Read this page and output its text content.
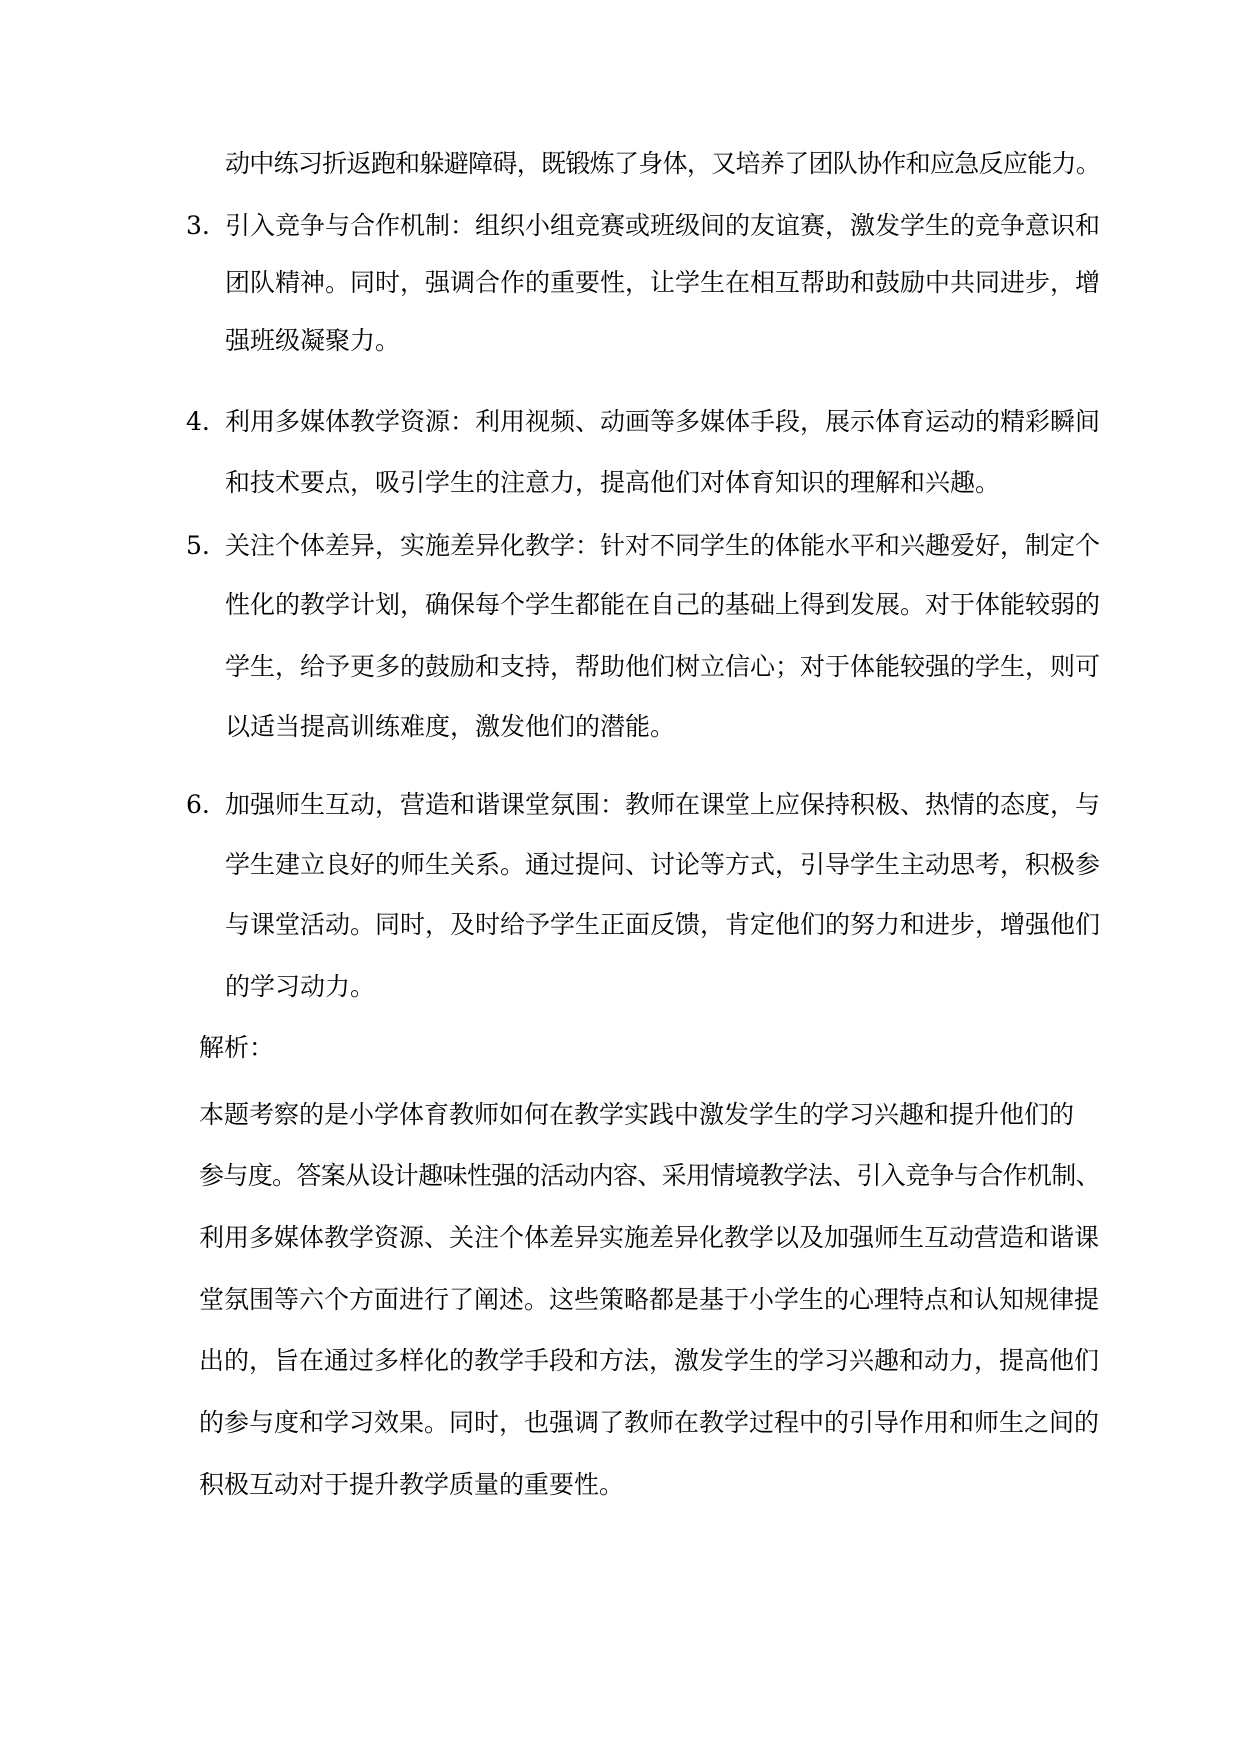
动中练习折返跑和躲避障碍，既锻炼了身体，又培养了团队协作和应急反应能力。
3. 引入竞争与合作机制：组织小组竞赛或班级间的友谊赛，激发学生的竞争意识和
团队精神。同时，强调合作的重要性，让学生在相互帮助和鼓励中共同进步，增
强班级凝聚力。
4. 利用多媒体教学资源：利用视频、动画等多媒体手段，展示体育运动的精彩瞬间
和技术要点，吸引学生的注意力，提高他们对体育知识的理解和兴趣。
5. 关注个体差异，实施差异化教学：针对不同学生的体能水平和兴趣爱好，制定个
性化的教学计划，确保每个学生都能在自己的基础上得到发展。对于体能较弱的
学生，给予更多的鼓励和支持，帮助他们树立信心；对于体能较强的学生，则可
以适当提高训练难度，激发他们的潜能。
6. 加强师生互动，营造和谐课堂氛围：教师在课堂上应保持积极、热情的态度，与
学生建立良好的师生关系。通过提问、讨论等方式，引导学生主动思考，积极参
与课堂活动。同时，及时给予学生正面反馈，肯定他们的努力和进步，增强他们
的学习动力。
解析：
本题考察的是小学体育教师如何在教学实践中激发学生的学习兴趣和提升他们的
参与度。答案从设计趣味性强的活动内容、采用情境教学法、引入竞争与合作机制、
利用多媒体教学资源、关注个体差异实施差异化教学以及加强师生互动营造和谐课
堂氛围等六个方面进行了阐述。这些策略都是基于小学生的心理特点和认知规律提
出的，旨在通过多样化的教学手段和方法，激发学生的学习兴趣和动力，提高他们
的参与度和学习效果。同时，也强调了教师在教学过程中的引导作用和师生之间的
积极互动对于提升教学质量的重要性。
